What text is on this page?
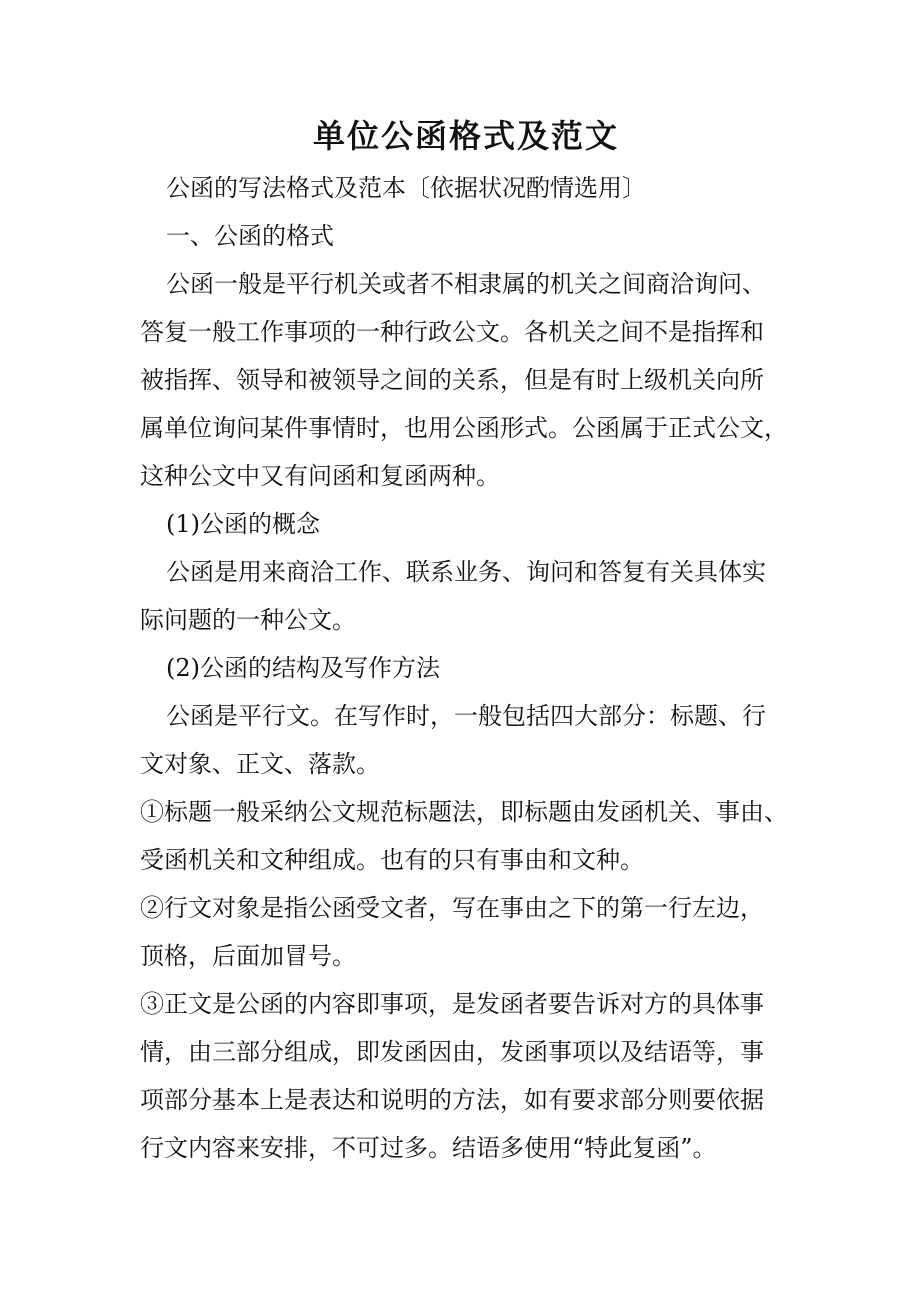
单位公函格式及范文

公函的写法格式及范本〔依据状况酌情选用〕

一、公函的格式

公函一般是平行机关或者不相隶属的机关之间商洽询问、

答复一般工作事项的一种行政公文。各机关之间不是指挥和

被指挥、领导和被领导之间的关系，但是有时上级机关向所

属单位询问某件事情时，也用公函形式。公函属于正式公文，

这种公文中又有问函和复函两种。

(1)公函的概念

公函是用来商洽工作、联系业务、询问和答复有关具体实

际问题的一种公文。

(2)公函的结构及写作方法

公函是平行文。在写作时，一般包括四大部分：标题、行

文对象、正文、落款。

①标题一般采纳公文规范标题法，即标题由发函机关、事由、

受函机关和文种组成。也有的只有事由和文种。

②行文对象是指公函受文者，写在事由之下的第一行左边，

顶格，后面加冒号。

③正文是公函的内容即事项，是发函者要告诉对方的具体事

情，由三部分组成，即发函因由，发函事项以及结语等，事

项部分基本上是表达和说明的方法，如有要求部分则要依据

行文内容来安排，不可过多。结语多使用“特此复函”。
